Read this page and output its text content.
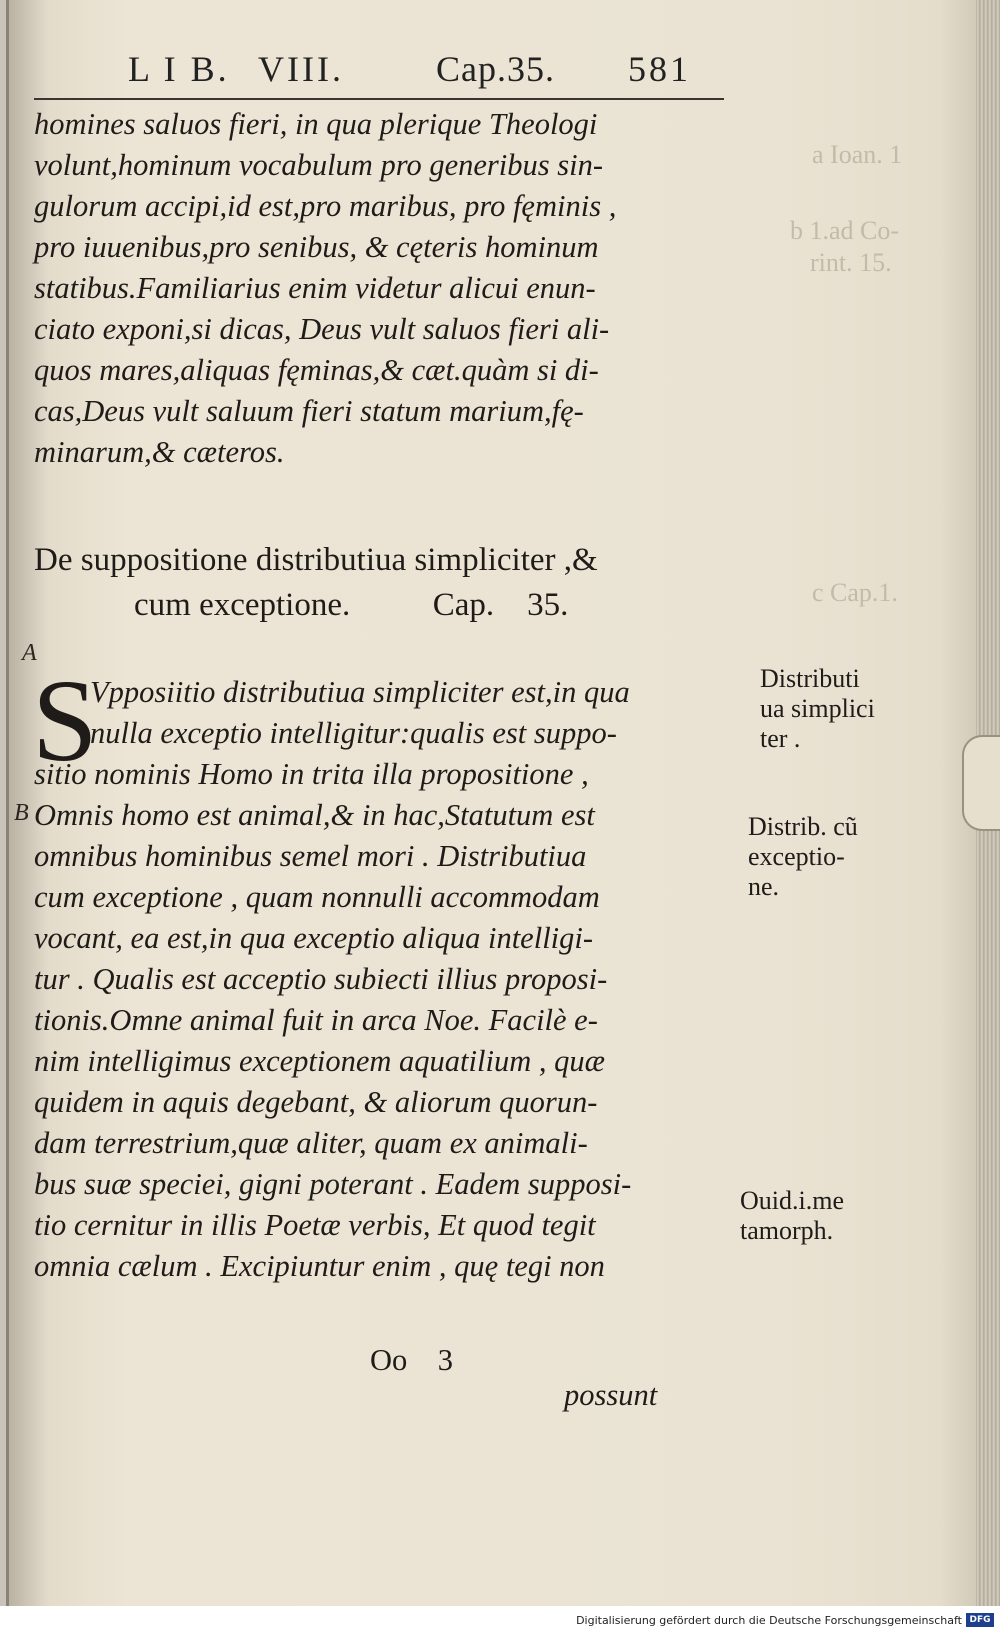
a Ioan. 1
b 1.ad Co-
rint. 15.
c Cap.1.
L I B. VIII.	Cap.35. 581
homines saluos fieri, in qua plerique Theologi
volunt,hominum vocabulum pro generibus sin-
gulorum accipi,id est,pro maribus, pro fęminis ,
pro iuuenibus,pro senibus, & cęteris hominum
statibus.Familiarius enim videtur alicui enun-
ciato exponi,si dicas, Deus vult saluos fieri ali-
quos mares,aliquas fęminas,& cæt.quàm si di-
cas,Deus vult saluum fieri statum marium,fę-
minarum,& cæteros.
De suppositione distributiua simpliciter ,&
cum exceptione.          Cap.    35.
A
B
S
Vpposiitio distributiua simpliciter est,in qua
nulla exceptio intelligitur:qualis est suppo-
sitio nominis Homo in trita illa propositione ,
Omnis homo est animal,& in hac,Statutum est
omnibus hominibus semel mori . Distributiua
cum exceptione , quam nonnulli accommodam
vocant, ea est,in qua exceptio aliqua intelligi-
tur . Qualis est acceptio subiecti illius proposi-
tionis.Omne animal fuit in arca Noe. Facilè e-
nim intelligimus exceptionem aquatilium , quæ
quidem in aquis degebant, & aliorum quorun-
dam terrestrium,quæ aliter, quam ex animali-
bus suæ speciei, gigni poterant . Eadem supposi-
tio cernitur in illis Poetæ verbis, Et quod tegit
omnia cælum . Excipiuntur enim , quę tegi non

Oo    3

possunt

Distributi
ua simplici
ter .
Distrib. cũ
exceptio-
ne.
Ouid.i.me
tamorph.
Digitalisierung gefördert durch die Deutsche Forschungsgemeinschaft DFG
